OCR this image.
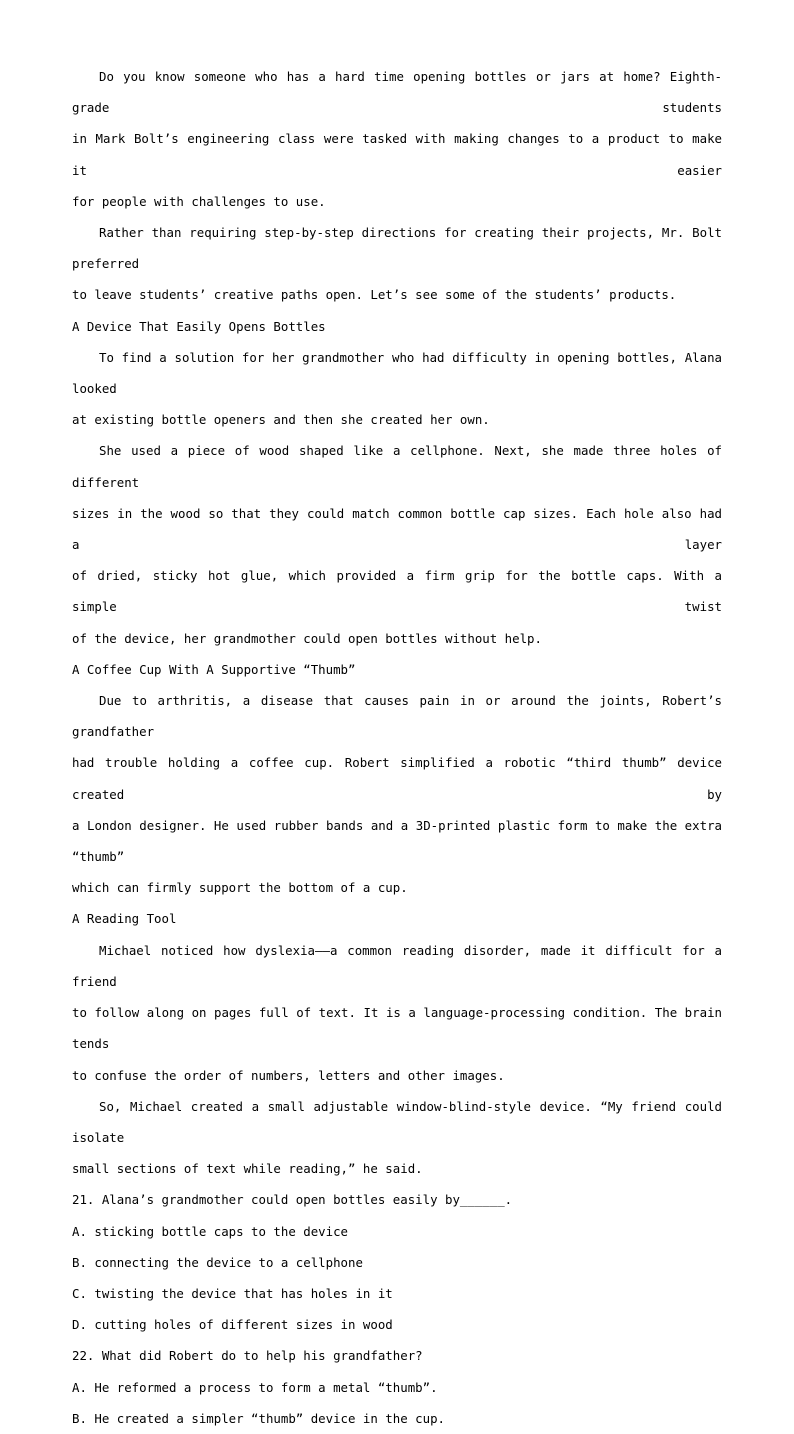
Do you know someone who has a hard time opening bottles or jars at home? Eighth-grade students
in Mark Bolt’s engineering class were tasked with making changes to a product to make it easier
for people with challenges to use.
Rather than requiring step-by-step directions for creating their projects, Mr. Bolt preferred
to leave students’ creative paths open. Let’s see some of the students’ products.
A Device That Easily Opens Bottles
To find a solution for her grandmother who had difficulty in opening bottles, Alana looked
at existing bottle openers and then she created her own.
She used a piece of wood shaped like a cellphone. Next, she made three holes of different
sizes in the wood so that they could match common bottle cap sizes. Each hole also had a layer
of dried, sticky hot glue, which provided a firm grip for the bottle caps. With a simple twist
of the device, her grandmother could open bottles without help.
A Coffee Cup With A Supportive “Thumb”
Due to arthritis, a disease that causes pain in or around the joints, Robert’s grandfather
had trouble holding a coffee cup. Robert simplified a robotic “third thumb” device created by
a London designer. He used rubber bands and a 3D-printed plastic form to make the extra “thumb”
which can firmly support the bottom of a cup.
A Reading Tool
Michael noticed how dyslexia——a common reading disorder, made it difficult for a friend
to follow along on pages full of text. It is a language-processing condition. The brain tends
to confuse the order of numbers, letters and other images.
So, Michael created a small adjustable window-blind-style device. “My friend could isolate
small sections of text while reading,” he said.
21. Alana’s grandmother could open bottles easily by______.
A. sticking bottle caps to the device
B. connecting the device to a cellphone
C. twisting the device that has holes in it
D. cutting holes of different sizes in wood
22. What did Robert do to help his grandfather?
A. He reformed a process to form a metal “thumb”.
B. He created a simpler “thumb” device in the cup.
